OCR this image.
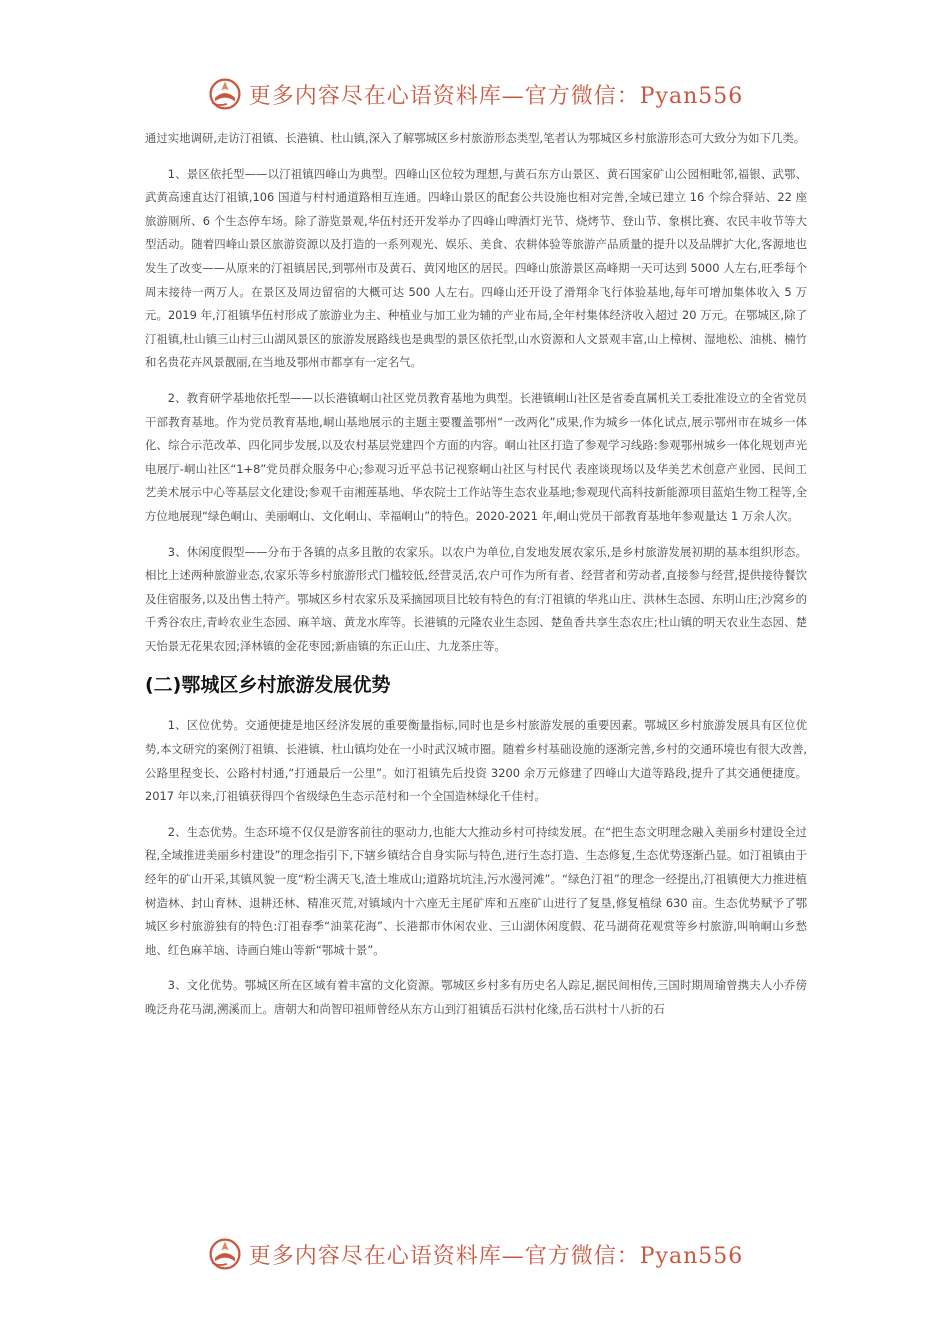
更多内容尽在心语资料库—官方微信：Pyan556

通过实地调研,走访汀祖镇、长港镇、杜山镇,深入了解鄂城区乡村旅游形态类型,笔者认为鄂城区乡村旅游形态可大致分为如下几类。

1、景区依托型——以汀祖镇四峰山为典型。四峰山区位较为理想,与黄石东方山景区、黄石国家矿山公园相毗邻,福银、武鄂、武黄高速直达汀祖镇,106 国道与村村通道路相互连通。四峰山景区的配套公共设施也相对完善,全域已建立 16 个综合驿站、22 座旅游厕所、6 个生态停车场。除了游览景观,华伍村还开发举办了四峰山啤酒灯光节、烧烤节、登山节、象棋比赛、农民丰收节等大型活动。随着四峰山景区旅游资源以及打造的一系列观光、娱乐、美食、农耕体验等旅游产品质量的提升以及品牌扩大化,客源地也发生了改变——从原来的汀祖镇居民,到鄂州市及黄石、黄冈地区的居民。四峰山旅游景区高峰期一天可达到 5000 人左右,旺季每个周末接待一两万人。在景区及周边留宿的大概可达 500 人左右。四峰山还开设了滑翔伞飞行体验基地,每年可增加集体收入 5 万元。2019 年,汀祖镇华伍村形成了旅游业为主、种植业与加工业为辅的产业布局,全年村集体经济收入超过 20 万元。在鄂城区,除了汀祖镇,杜山镇三山村三山湖风景区的旅游发展路线也是典型的景区依托型,山水资源和人文景观丰富,山上樟树、湿地松、油桃、楠竹和名贵花卉风景靓丽,在当地及鄂州市都享有一定名气。

2、教育研学基地依托型——以长港镇峒山社区党员教育基地为典型。长港镇峒山社区是省委直属机关工委批准设立的全省党员干部教育基地。作为党员教育基地,峒山基地展示的主题主要覆盖鄂州“一改两化”成果,作为城乡一体化试点,展示鄂州市在城乡一体化、综合示范改革、四化同步发展,以及农村基层党建四个方面的内容。峒山社区打造了参观学习线路:参观鄂州城乡一体化规划声光电展厅-峒山社区“1+8”党员群众服务中心;参观习近平总书记视察峒山社区与村民代 表座谈现场以及华美艺术创意产业园、民间工艺美术展示中心等基层文化建设;参观千亩湘莲基地、华农院士工作站等生态农业基地;参观现代高科技新能源项目蓝焰生物工程等,全方位地展现“绿色峒山、美丽峒山、文化峒山、幸福峒山”的特色。2020-2021 年,峒山党员干部教育基地年参观量达 1 万余人次。

3、休闲度假型——分布于各镇的点多且散的农家乐。以农户为单位,自发地发展农家乐,是乡村旅游发展初期的基本组织形态。相比上述两种旅游业态,农家乐等乡村旅游形式门槛较低,经营灵活,农户可作为所有者、经营者和劳动者,直接参与经营,提供接待餐饮及住宿服务,以及出售土特产。鄂城区乡村农家乐及采摘园项目比较有特色的有:汀祖镇的华兆山庄、洪林生态园、东明山庄;沙窝乡的千秀谷农庄,青岭农业生态园、麻羊垴、黄龙水库等。长港镇的元隆农业生态园、楚鱼香共享生态农庄;杜山镇的明天农业生态园、楚天怡景无花果农园;泽林镇的金花枣园;新庙镇的东正山庄、九龙茶庄等。

(二)鄂城区乡村旅游发展优势

1、区位优势。交通便捷是地区经济发展的重要衡量指标,同时也是乡村旅游发展的重要因素。鄂城区乡村旅游发展具有区位优势,本文研究的案例汀祖镇、长港镇、杜山镇均处在一小时武汉城市圈。随着乡村基础设施的逐渐完善,乡村的交通环境也有很大改善,公路里程变长、公路村村通,“打通最后一公里”。如汀祖镇先后投资 3200 余万元修建了四峰山大道等路段,提升了其交通便捷度。2017 年以来,汀祖镇获得四个省级绿色生态示范村和一个全国造林绿化千佳村。

2、生态优势。生态环境不仅仅是游客前往的驱动力,也能大大推动乡村可持续发展。在“把生态文明理念融入美丽乡村建设全过程,全域推进美丽乡村建设”的理念指引下,下辖乡镇结合自身实际与特色,进行生态打造、生态修复,生态优势逐渐凸显。如汀祖镇由于经年的矿山开采,其镇风貌一度“粉尘满天飞,渣土堆成山;道路坑坑洼,污水漫河滩”。“绿色汀祖”的理念一经提出,汀祖镇便大力推进植树造林、封山育林、退耕还林、精准灭荒,对镇域内十六座无主尾矿库和五座矿山进行了复垦,修复植绿 630 亩。生态优势赋予了鄂城区乡村旅游独有的特色:汀祖春季“油菜花海”、长港都市休闲农业、三山湖休闲度假、花马湖荷花观赏等乡村旅游,叫响峒山乡愁地、红色麻羊垴、诗画白雉山等新“鄂城十景”。

3、文化优势。鄂城区所在区域有着丰富的文化资源。鄂城区乡村多有历史名人踪足,据民间相传,三国时期周瑜曾携夫人小乔傍晚泛舟花马湖,溯溪而上。唐朝大和尚智印祖师曾经从东方山到汀祖镇岳石洪村化缘,岳石洪村十八折的石

更多内容尽在心语资料库—官方微信：Pyan556
